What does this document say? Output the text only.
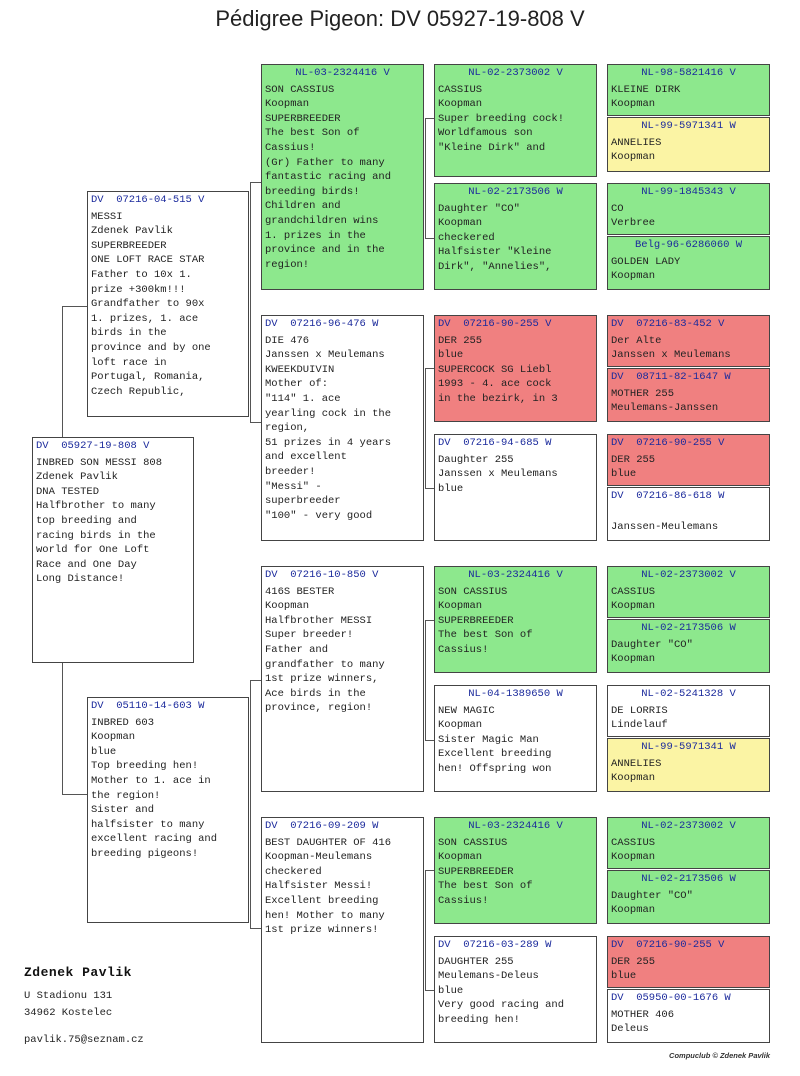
Pédigree Pigeon: DV 05927-19-808 V
DV  05927-19-808 V
INBRED SON MESSI 808
Zdenek Pavlik
DNA TESTED
Halfbrother to many
top breeding and
racing birds in the
world for One Loft
Race and One Day
Long Distance!
DV  07216-04-515 V
MESSI
Zdenek Pavlik
SUPERBREEDER
ONE LOFT RACE STAR
Father to 10x 1.
prize +300km!!!
Grandfather to 90x
1. prizes, 1. ace
birds in the
province and by one
loft race in
Portugal, Romania,
Czech Republic,
DV  05110-14-603 W
INBRED 603
Koopman
blue
Top breeding hen!
Mother to 1. ace in
the region!
Sister and
halfsister to many
excellent racing and
breeding pigeons!
NL-03-2324416 V
SON CASSIUS
Koopman
SUPERBREEDER
The best Son of
Cassius!
(Gr) Father to many
fantastic racing and
breeding birds!
Children and
grandchildren wins
1. prizes in the
province and in the
region!
DV  07216-96-476 W
DIE 476
Janssen x Meulemans
KWEEKDUIVIN
Mother of:
"114" 1. ace
yearling cock in the
region,
51 prizes in 4 years
and excellent
breeder!
"Messi" -
superbreeder
"100" - very good
DV  07216-10-850 V
416S BESTER
Koopman
Halfbrother MESSI
Super breeder!
Father and
grandfather to many
1st prize winners,
Ace birds in the
province, region!
DV  07216-09-209 W
BEST DAUGHTER OF 416
Koopman-Meulemans
checkered
Halfsister Messi!
Excellent breeding
hen! Mother to many
1st prize winners!
NL-02-2373002 V
CASSIUS
Koopman
Super breeding cock!
Worldfamous son
"Kleine Dirk" and
NL-02-2173506 W
Daughter "CO"
Koopman
checkered
Halfsister "Kleine
Dirk", "Annelies",
DV  07216-90-255 V
DER 255
blue
SUPERCOCK SG Liebl
1993 - 4. ace cock
in the bezirk, in 3
DV  07216-94-685 W
Daughter 255
Janssen x Meulemans
blue
NL-03-2324416 V
SON CASSIUS
Koopman
SUPERBREEDER
The best Son of
Cassius!
NL-04-1389650 W
NEW MAGIC
Koopman
Sister Magic Man
Excellent breeding
hen! Offspring won
NL-03-2324416 V
SON CASSIUS
Koopman
SUPERBREEDER
The best Son of
Cassius!
DV  07216-03-289 W
DAUGHTER 255
Meulemans-Deleus
blue
Very good racing and
breeding hen!
NL-98-5821416 V
KLEINE DIRK
Koopman
NL-99-5971341 W
ANNELIES
Koopman
NL-99-1845343 V
CO
Verbree
Belg-96-6286060 W
GOLDEN LADY
Koopman
DV  07216-83-452 V
Der Alte
Janssen x Meulemans
DV  08711-82-1647 W
MOTHER 255
Meulemans-Janssen
DV  07216-90-255 V
DER 255
blue
DV  07216-86-618 W

Janssen-Meulemans
NL-02-2373002 V
CASSIUS
Koopman
NL-02-2173506 W
Daughter "CO"
Koopman
NL-02-5241328 V
DE LORRIS
Lindelauf
NL-99-5971341 W
ANNELIES
Koopman
NL-02-2373002 V
CASSIUS
Koopman
NL-02-2173506 W
Daughter "CO"
Koopman
DV  07216-90-255 V
DER 255
blue
DV  05950-00-1676 W
MOTHER 406
Deleus
Zdenek Pavlik
U Stadionu 131
34962 Kostelec
pavlik.75@seznam.cz
Compuclub © Zdenek Pavlik
